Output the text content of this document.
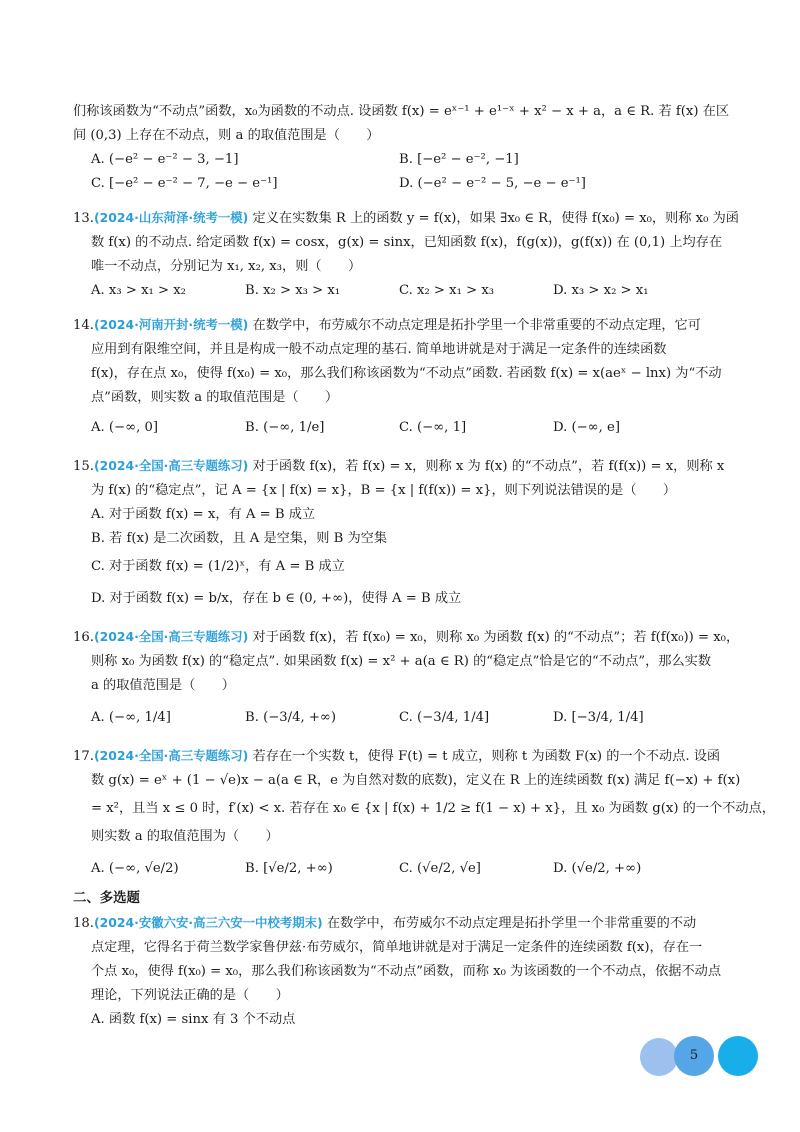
们称该函数为“不动点”函数，x₀为函数的不动点. 设函数 f(x) = eˣ⁻¹ + e¹⁻ˣ + x² − x + a，a ∈ R. 若 f(x) 在区
间 (0,3) 上存在不动点，则 a 的取值范围是（　　）
A. (−e² − e⁻² − 3, −1]	B. [−e² − e⁻², −1]
C. [−e² − e⁻² − 7, −e − e⁻¹]	D. (−e² − e⁻² − 5, −e − e⁻¹]
13.(2024·山东菏泽·统考一模) 定义在实数集 R 上的函数 y = f(x)，如果 ∃x₀ ∈ R，使得 f(x₀) = x₀，则称 x₀ 为函
数 f(x) 的不动点. 给定函数 f(x) = cosx，g(x) = sinx，已知函数 f(x)，f(g(x))，g(f(x)) 在 (0,1) 上均存在
唯一不动点，分别记为 x₁, x₂, x₃，则（　　）
A. x₃ > x₁ > x₂	B. x₂ > x₃ > x₁	C. x₂ > x₁ > x₃	D. x₃ > x₂ > x₁
14.(2024·河南开封·统考一模) 在数学中，布劳威尔不动点定理是拓扑学里一个非常重要的不动点定理，它可
应用到有限维空间，并且是构成一般不动点定理的基石. 简单地讲就是对于满足一定条件的连续函数
f(x)，存在点 x₀，使得 f(x₀) = x₀，那么我们称该函数为“不动点”函数. 若函数 f(x) = x(aeˣ − lnx) 为“不动
点”函数，则实数 a 的取值范围是（　　）
A. (−∞, 0]	B. (−∞, 1/e]	C. (−∞, 1]	D. (−∞, e]
15.(2024·全国·高三专题练习) 对于函数 f(x)，若 f(x) = x，则称 x 为 f(x) 的“不动点”，若 f(f(x)) = x，则称 x
为 f(x) 的“稳定点”，记 A = {x | f(x) = x}，B = {x | f(f(x)) = x}，则下列说法错误的是（　　）
A. 对于函数 f(x) = x，有 A = B 成立
B. 若 f(x) 是二次函数，且 A 是空集，则 B 为空集
C. 对于函数 f(x) = (1/2)ˣ，有 A = B 成立
D. 对于函数 f(x) = b/x，存在 b ∈ (0, +∞)，使得 A = B 成立
16.(2024·全国·高三专题练习) 对于函数 f(x)，若 f(x₀) = x₀，则称 x₀ 为函数 f(x) 的“不动点”；若 f(f(x₀)) = x₀，
则称 x₀ 为函数 f(x) 的“稳定点”. 如果函数 f(x) = x² + a(a ∈ R) 的“稳定点”恰是它的“不动点”，那么实数
a 的取值范围是（　　）
A. (−∞, 1/4]	B. (−3/4, +∞)	C. (−3/4, 1/4]	D. [−3/4, 1/4]
17.(2024·全国·高三专题练习) 若存在一个实数 t，使得 F(t) = t 成立，则称 t 为函数 F(x) 的一个不动点. 设函
数 g(x) = eˣ + (1 − √e)x − a(a ∈ R，e 为自然对数的底数)，定义在 R 上的连续函数 f(x) 满足 f(−x) + f(x)
= x²，且当 x ≤ 0 时，f′(x) < x. 若存在 x₀ ∈ {x | f(x) + 1/2 ≥ f(1 − x) + x}，且 x₀ 为函数 g(x) 的一个不动点，
则实数 a 的取值范围为（　　）
A. (−∞, √e/2)	B. [√e/2, +∞)	C. (√e/2, √e]	D. (√e/2, +∞)
二、多选题
18.(2024·安徽六安·高三六安一中校考期末) 在数学中，布劳威尔不动点定理是拓扑学里一个非常重要的不动
点定理，它得名于荷兰数学家鲁伊兹·布劳威尔，简单地讲就是对于满足一定条件的连续函数 f(x)，存在一
个点 x₀，使得 f(x₀) = x₀，那么我们称该函数为“不动点”函数，而称 x₀ 为该函数的一个不动点，依据不动点
理论，下列说法正确的是（　　）
A. 函数 f(x) = sinx 有 3 个不动点
5
